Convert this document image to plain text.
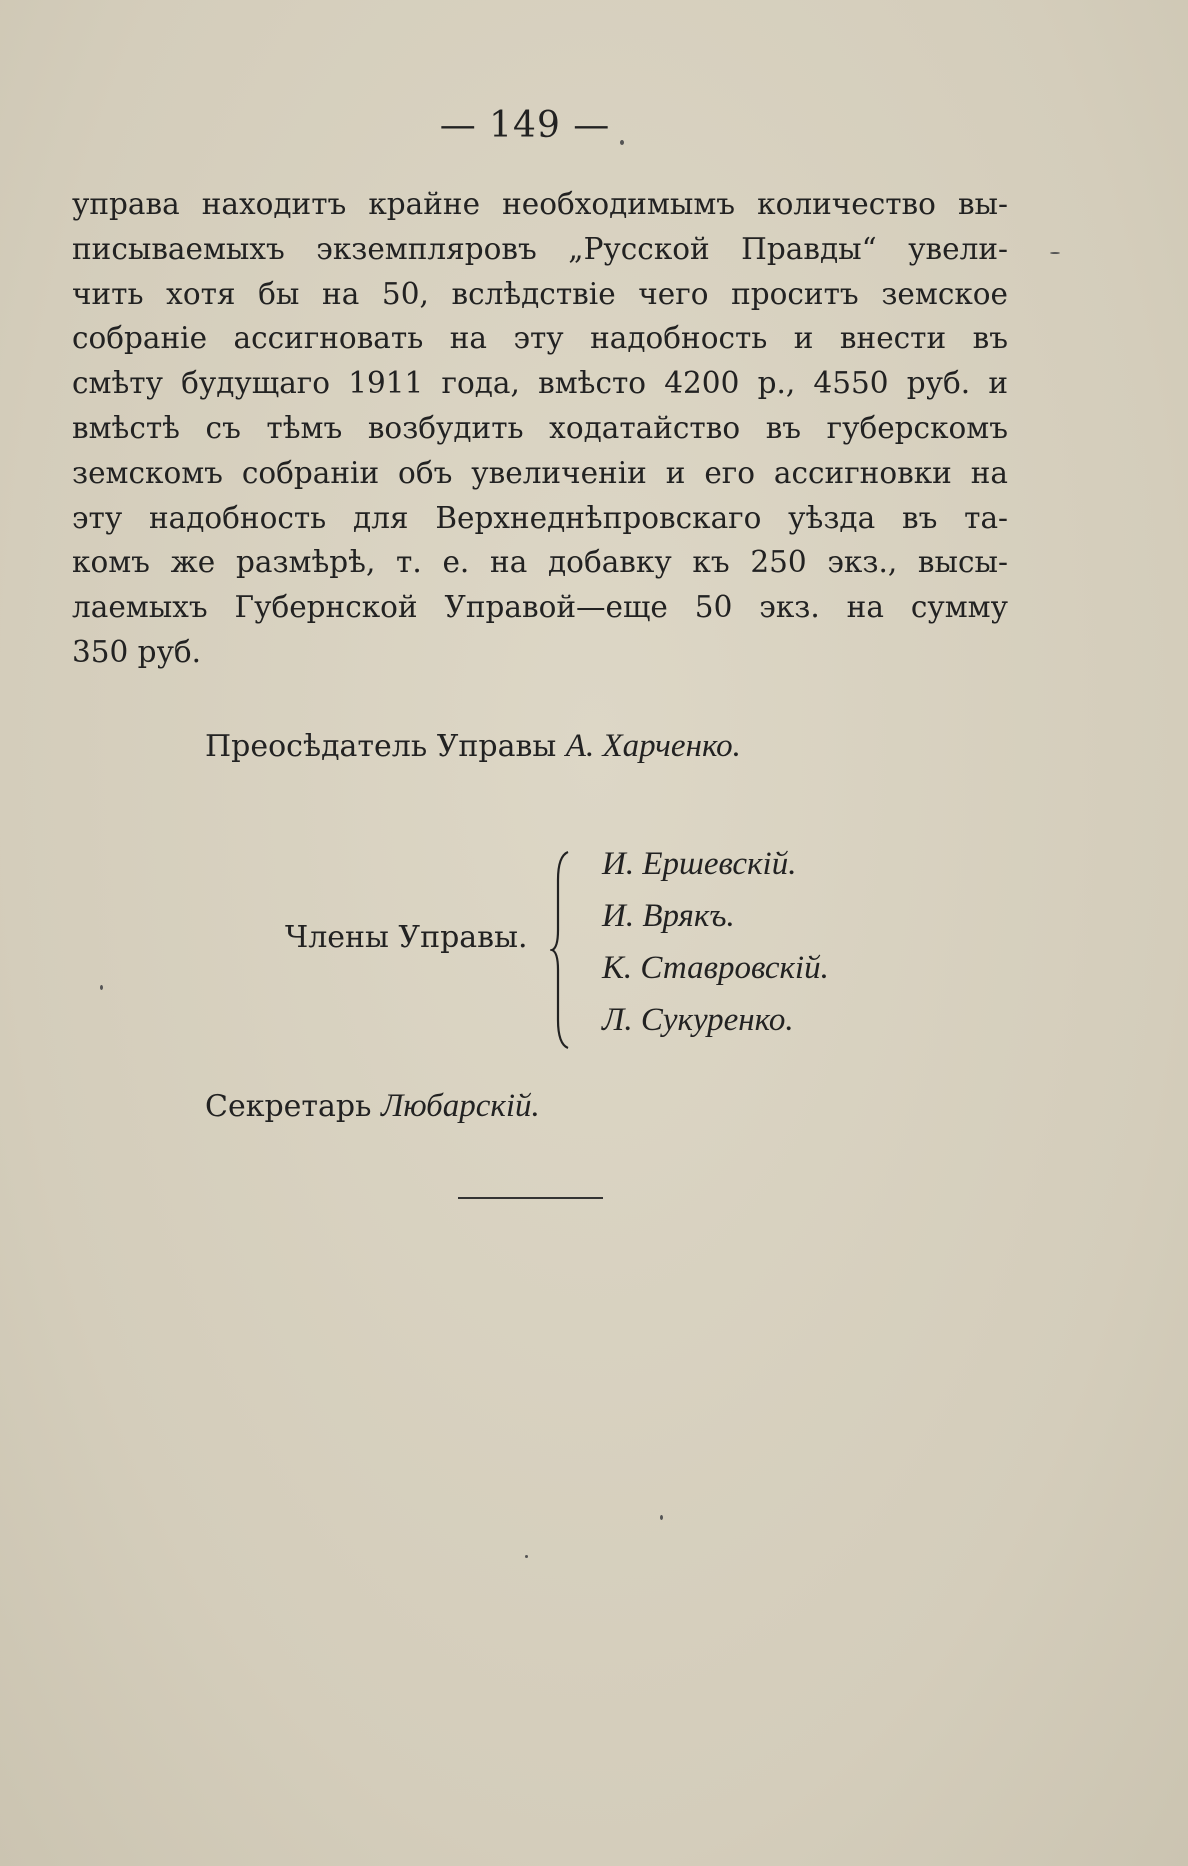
— 149 —
управа находитъ крайне необходимымъ количество вы-
писываемыхъ экземпляровъ „Русской Правды“ увели-
чить хотя бы на 50, вслѣдствіе чего проситъ земское
собраніе ассигновать на эту надобность и внести въ
смѣту будущаго 1911 года, вмѣсто 4200 р., 4550 руб. и
вмѣстѣ съ тѣмъ возбудить ходатайство въ губерскомъ
земскомъ собраніи объ увеличеніи и его ассигновки на
эту надобность для Верхнеднѣпровскаго уѣзда въ та-
комъ же размѣрѣ, т. е. на добавку къ 250 экз., высы-
лаемыхъ Губернской Управой—еще 50 экз. на сумму
350 руб.
Преосѣдатель Управы А. Харченко.
Члены Управы.
И. Ершевскій.
И. Врякъ.
К. Ставровскій.
Л. Сукуренко.
Секретарь Любарскій.
